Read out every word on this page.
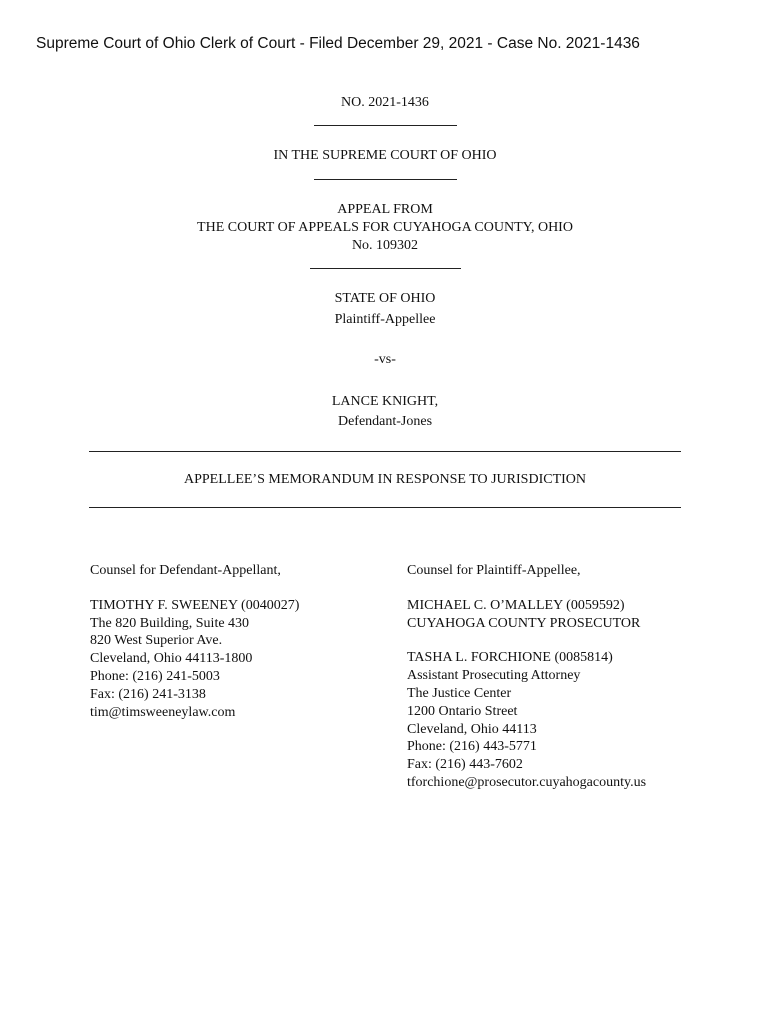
Supreme Court of Ohio Clerk of Court - Filed December 29, 2021 - Case No. 2021-1436
NO. 2021-1436
IN THE SUPREME COURT OF OHIO
APPEAL FROM
THE COURT OF APPEALS FOR CUYAHOGA COUNTY, OHIO
No. 109302
STATE OF OHIO
Plaintiff-Appellee
-vs-
LANCE KNIGHT,
Defendant-Jones
APPELLEE’S MEMORANDUM IN RESPONSE TO JURISDICTION
Counsel for Defendant-Appellant,
TIMOTHY F. SWEENEY (0040027)
The 820 Building, Suite 430
820 West Superior Ave.
Cleveland, Ohio 44113-1800
Phone: (216) 241-5003
Fax: (216) 241-3138
tim@timsweeneylaw.com
Counsel for Plaintiff-Appellee,
MICHAEL C. O’MALLEY (0059592)
CUYAHOGA COUNTY PROSECUTOR
TASHA L. FORCHIONE (0085814)
Assistant Prosecuting Attorney
The Justice Center
1200 Ontario Street
Cleveland, Ohio 44113
Phone: (216) 443-5771
Fax: (216) 443-7602
tforchione@prosecutor.cuyahogacounty.us
